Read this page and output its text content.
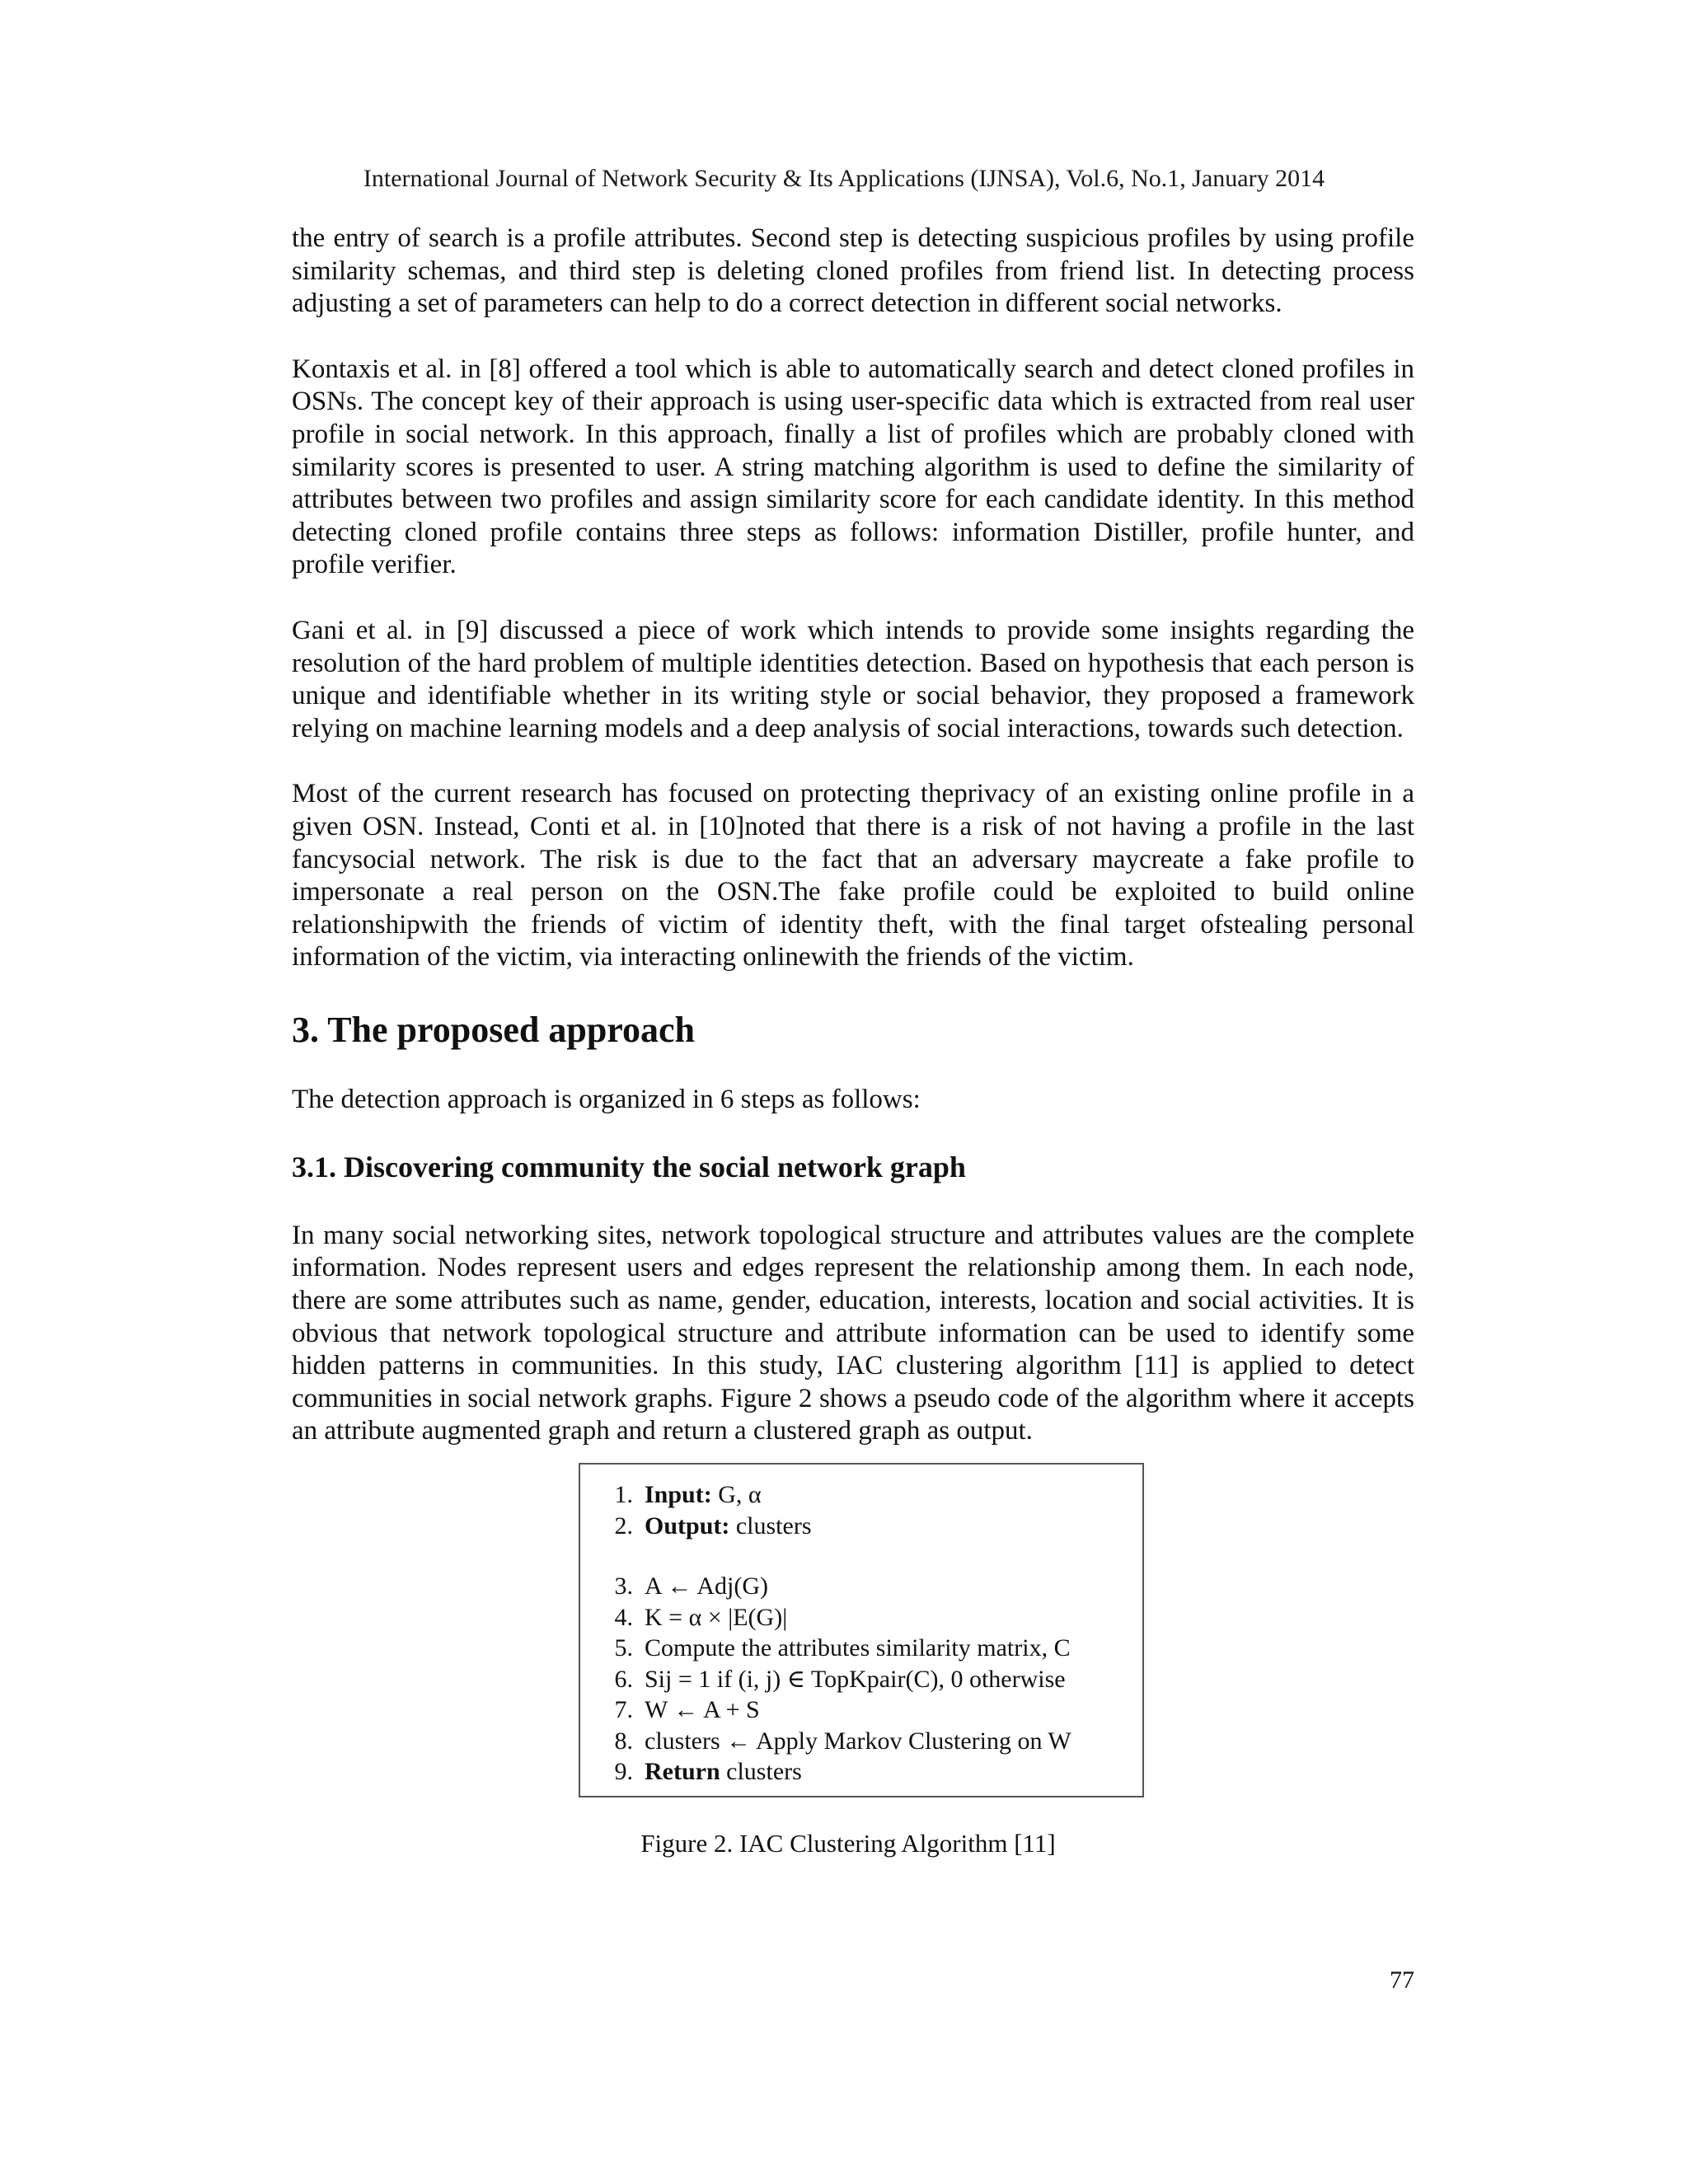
International Journal of Network Security & Its Applications (IJNSA), Vol.6, No.1, January 2014

the entry of search is a profile attributes. Second step is detecting suspicious profiles by using profile similarity schemas, and third step is deleting cloned profiles from friend list. In detecting process adjusting a set of parameters can help to do a correct detection in different social networks.

Kontaxis et al. in [8] offered a tool which is able to automatically search and detect cloned profiles in OSNs. The concept key of their approach is using user-specific data which is extracted from real user profile in social network. In this approach, finally a list of profiles which are probably cloned with similarity scores is presented to user. A string matching algorithm is used to define the similarity of attributes between two profiles and assign similarity score for each candidate identity. In this method detecting cloned profile contains three steps as follows: information Distiller, profile hunter, and profile verifier.

Gani et al. in [9] discussed a piece of work which intends to provide some insights regarding the resolution of the hard problem of multiple identities detection. Based on hypothesis that each person is unique and identifiable whether in its writing style or social behavior, they proposed a framework relying on machine learning models and a deep analysis of social interactions, towards such detection.

Most of the current research has focused on protecting theprivacy of an existing online profile in a given OSN. Instead, Conti et al. in [10]noted that there is a risk of not having a profile in the last fancysocial network. The risk is due to the fact that an adversary maycreate a fake profile to impersonate a real person on the OSN.The fake profile could be exploited to build online relationshipwith the friends of victim of identity theft, with the final target ofstealing personal information of the victim, via interacting onlinewith the friends of the victim.

3. The proposed approach

The detection approach is organized in 6 steps as follows:

3.1. Discovering community the social network graph

In many social networking sites, network topological structure and attributes values are the complete information. Nodes represent users and edges represent the relationship among them. In each node, there are some attributes such as name, gender, education, interests, location and social activities. It is obvious that network topological structure and attribute information can be used to identify some hidden patterns in communities. In this study, IAC clustering algorithm [11] is applied to detect communities in social network graphs. Figure 2 shows a pseudo code of the algorithm where it accepts an attribute augmented graph and return a clustered graph as output.

1. Input: G, α
2. Output: clusters
3. A ← Adj(G)
4. K = α × |E(G)|
5. Compute the attributes similarity matrix, C
6. Sij = 1 if (i, j) ∈ TopKpair(C), 0 otherwise
7. W ← A + S
8. clusters ← Apply Markov Clustering on W
9. Return clusters
Figure 2. IAC Clustering Algorithm [11]
77
